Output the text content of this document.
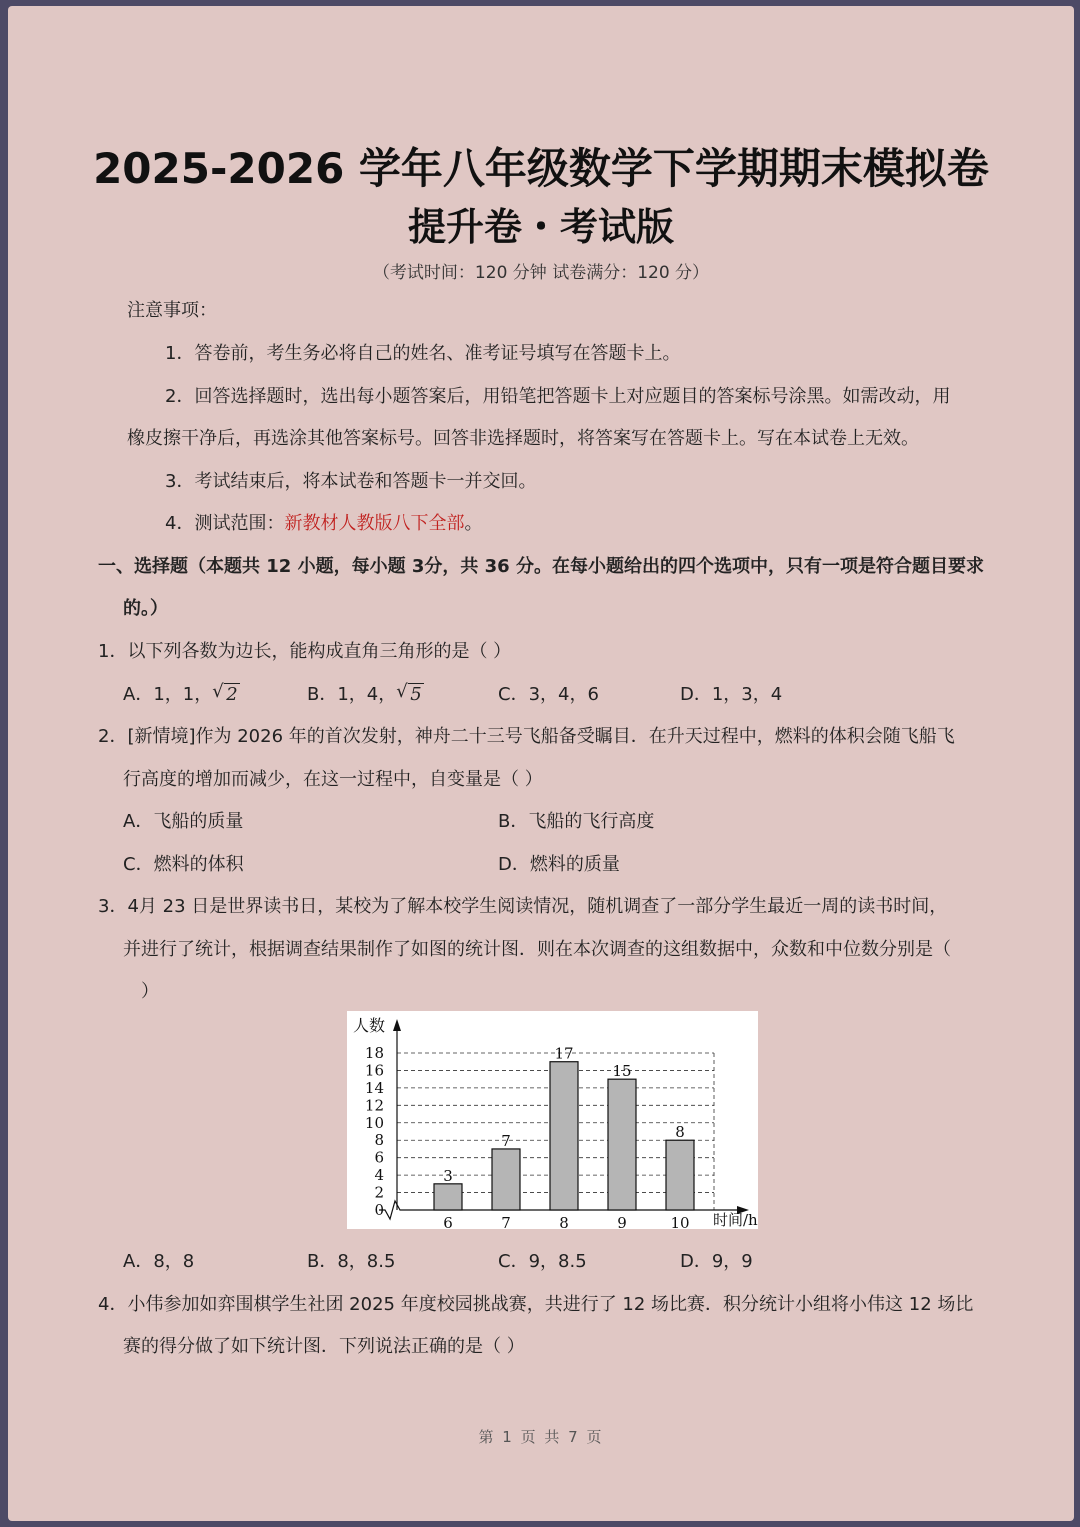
2025-2026 学年八年级数学下学期期末模拟卷
提升卷・考试版
（考试时间：120 分钟 试卷满分：120 分）
注意事项：
1．答卷前，考生务必将自己的姓名、准考证号填写在答题卡上。
2．回答选择题时，选出每小题答案后，用铅笔把答题卡上对应题目的答案标号涂黑。如需改动，用
橡皮擦干净后，再选涂其他答案标号。回答非选择题时，将答案写在答题卡上。写在本试卷上无效。
3．考试结束后，将本试卷和答题卡一并交回。
4．测试范围：新教材人教版八下全部。
一、选择题（本题共 12 小题，每小题 3分，共 36 分。在每小题给出的四个选项中，只有一项是符合题目要求
的。）
1．以下列各数为边长，能构成直角三角形的是（ ）
A．1，1， √ 2	B．1，4， √ 5	C．3，4，6	D．1，3，4
2．[新情境]作为 2026 年的首次发射，神舟二十三号飞船备受瞩目．在升天过程中，燃料的体积会随飞船飞
行高度的增加而减少，在这一过程中，自变量是（ ）
A．飞船的质量	B．飞船的飞行高度
C．燃料的体积	D．燃料的质量
3．4月 23 日是世界读书日，某校为了解本校学生阅读情况，随机调查了一部分学生最近一周的读书时间，
并进行了统计，根据调查结果制作了如图的统计图．则在本次调查的这组数据中，众数和中位数分别是（
）
0
2
4
6
8
10
12
14
16
18
人数
时间/h
3
6
7
7
17
8
15
9
8
10
A．8，8	B．8，8.5	C．9，8.5	D．9，9
4．小伟参加如弈围棋学生社团 2025 年度校园挑战赛，共进行了 12 场比赛．积分统计小组将小伟这 12 场比
赛的得分做了如下统计图．下列说法正确的是（ ）
第 1 页 共 7 页
